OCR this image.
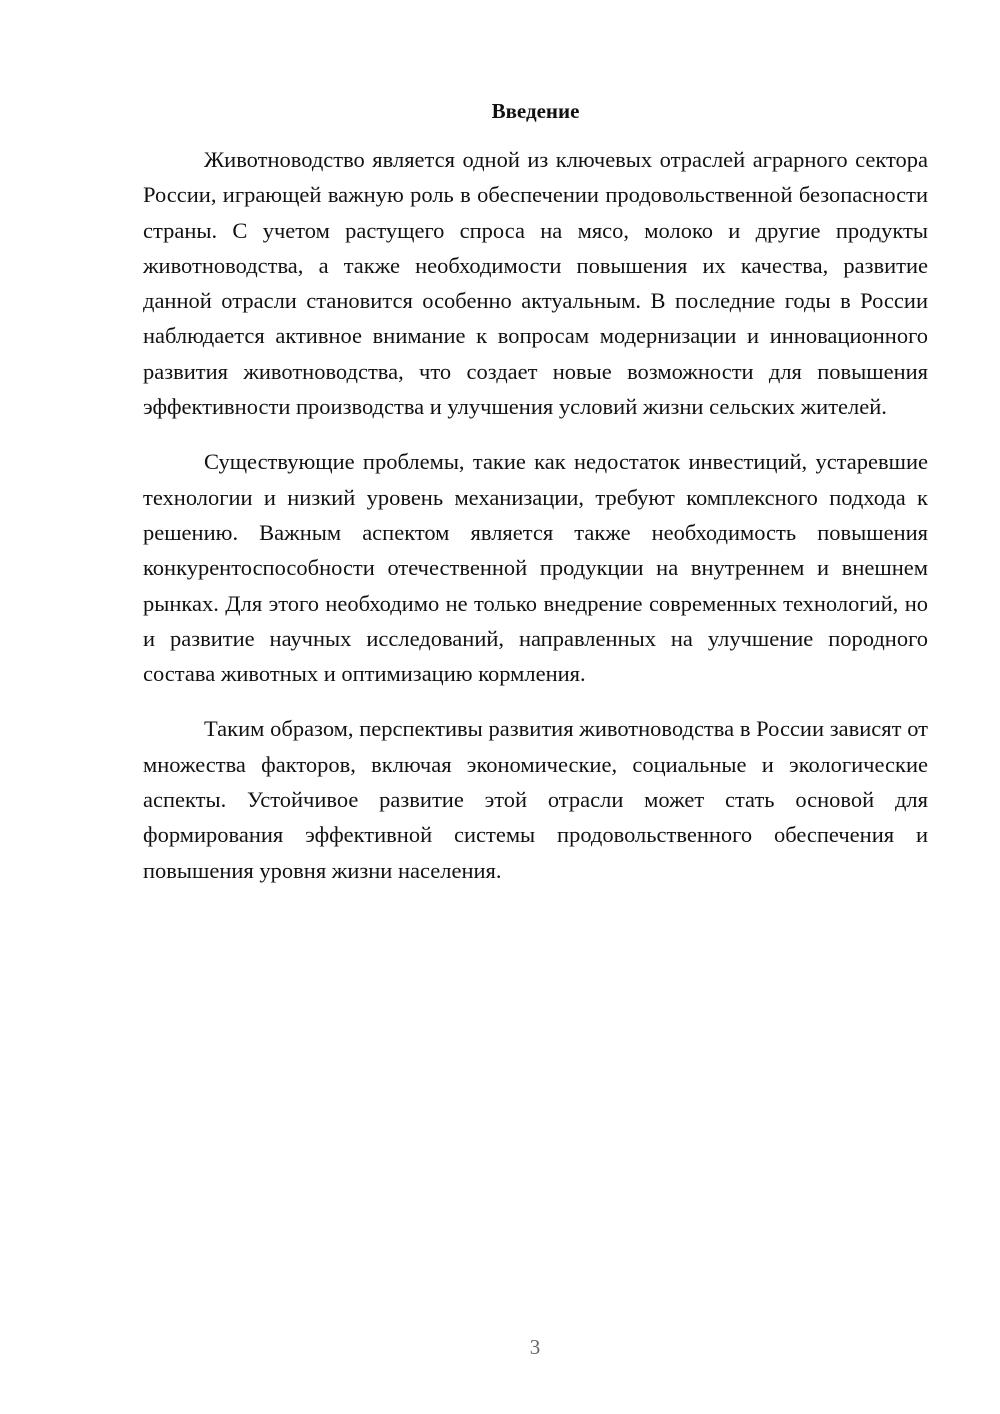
Введение

Животноводство является одной из ключевых отраслей аграрного сектора России, играющей важную роль в обеспечении продовольственной безопасности страны. С учетом растущего спроса на мясо, молоко и другие продукты животноводства, а также необходимости повышения их качества, развитие данной отрасли становится особенно актуальным. В последние годы в России наблюдается активное внимание к вопросам модернизации и инновационного развития животноводства, что создает новые возможности для повышения эффективности производства и улучшения условий жизни сельских жителей.

Существующие проблемы, такие как недостаток инвестиций, устаревшие технологии и низкий уровень механизации, требуют комплексного подхода к решению. Важным аспектом является также необходимость повышения конкурентоспособности отечественной продукции на внутреннем и внешнем рынках. Для этого необходимо не только внедрение современных технологий, но и развитие научных исследований, направленных на улучшение породного состава животных и оптимизацию кормления.

Таким образом, перспективы развития животноводства в России зависят от множества факторов, включая экономические, социальные и экологические аспекты. Устойчивое развитие этой отрасли может стать основой для формирования эффективной системы продовольственного обеспечения и повышения уровня жизни населения.

3
